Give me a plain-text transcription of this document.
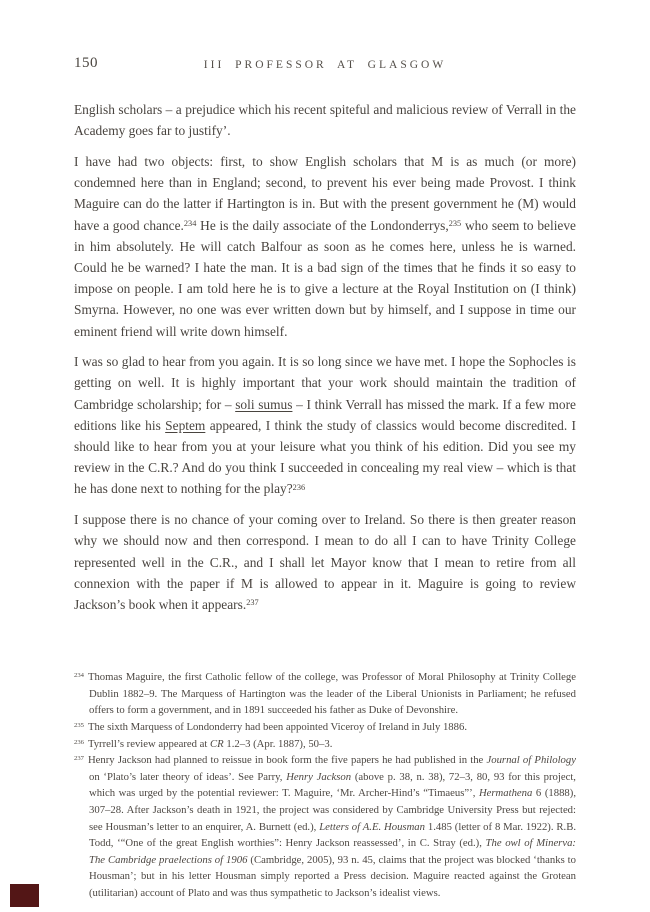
150	III PROFESSOR AT GLASGOW

English scholars – a prejudice which his recent spiteful and malicious review of Verrall in the Academy goes far to justify’.

I have had two objects: first, to show English scholars that M is as much (or more) condemned here than in England; second, to prevent his ever being made Provost. I think Maguire can do the latter if Hartington is in. But with the present government he (M) would have a good chance.$^{234}$ He is the daily associate of the Londonderrys,$^{235}$ who seem to believe in him absolutely. He will catch Balfour as soon as he comes here, unless he is warned. Could he be warned? I hate the man. It is a bad sign of the times that he finds it so easy to impose on people. I am told here he is to give a lecture at the Royal Institution on (I think) Smyrna. However, no one was ever written down but by himself, and I suppose in time our eminent friend will write down himself.

I was so glad to hear from you again. It is so long since we have met. I hope the Sophocles is getting on well. It is highly important that your work should maintain the tradition of Cambridge scholarship; for – soli sumus – I think Verrall has missed the mark. If a few more editions like his Septem appeared, I think the study of classics would become discredited. I should like to hear from you at your leisure what you think of his edition. Did you see my review in the C.R.? And do you think I succeeded in concealing my real view – which is that he has done next to nothing for the play?$^{236}$

I suppose there is no chance of your coming over to Ireland. So there is then greater reason why we should now and then correspond. I mean to do all I can to have Trinity College represented well in the C.R., and I shall let Mayor know that I mean to retire from all connexion with the paper if M is allowed to appear in it. Maguire is going to review Jackson’s book when it appears.$^{237}$

$^{234}$ Thomas Maguire, the first Catholic fellow of the college, was Professor of Moral Philosophy at Trinity College Dublin 1882–9. The Marquess of Hartington was the leader of the Liberal Unionists in Parliament; he refused offers to form a government, and in 1891 succeeded his father as Duke of Devonshire.
$^{235}$ The sixth Marquess of Londonderry had been appointed Viceroy of Ireland in July 1886.
$^{236}$ Tyrrell’s review appeared at CR 1.2–3 (Apr. 1887), 50–3.
$^{237}$ Henry Jackson had planned to reissue in book form the five papers he had published in the Journal of Philology on ‘Plato’s later theory of ideas’. See Parry, Henry Jackson (above p. 38, n. 38), 72–3, 80, 93 for this project, which was urged by the potential reviewer: T. Maguire, ‘Mr. Archer-Hind’s “Timaeus”’, Hermathena 6 (1888), 307–28. After Jackson’s death in 1921, the project was considered by Cambridge University Press but rejected: see Housman’s letter to an enquirer, A. Burnett (ed.), Letters of A.E. Housman 1.485 (letter of 8 Mar. 1922). R.B. Todd, ‘“One of the great English worthies”: Henry Jackson reassessed’, in C. Stray (ed.), The owl of Minerva: The Cambridge praelections of 1906 (Cambridge, 2005), 93 n. 45, claims that the project was blocked ‘thanks to Housman’; but in his letter Housman simply reported a Press decision. Maguire reacted against the Grotean (utilitarian) account of Plato and was thus sympathetic to Jackson’s idealist views.
